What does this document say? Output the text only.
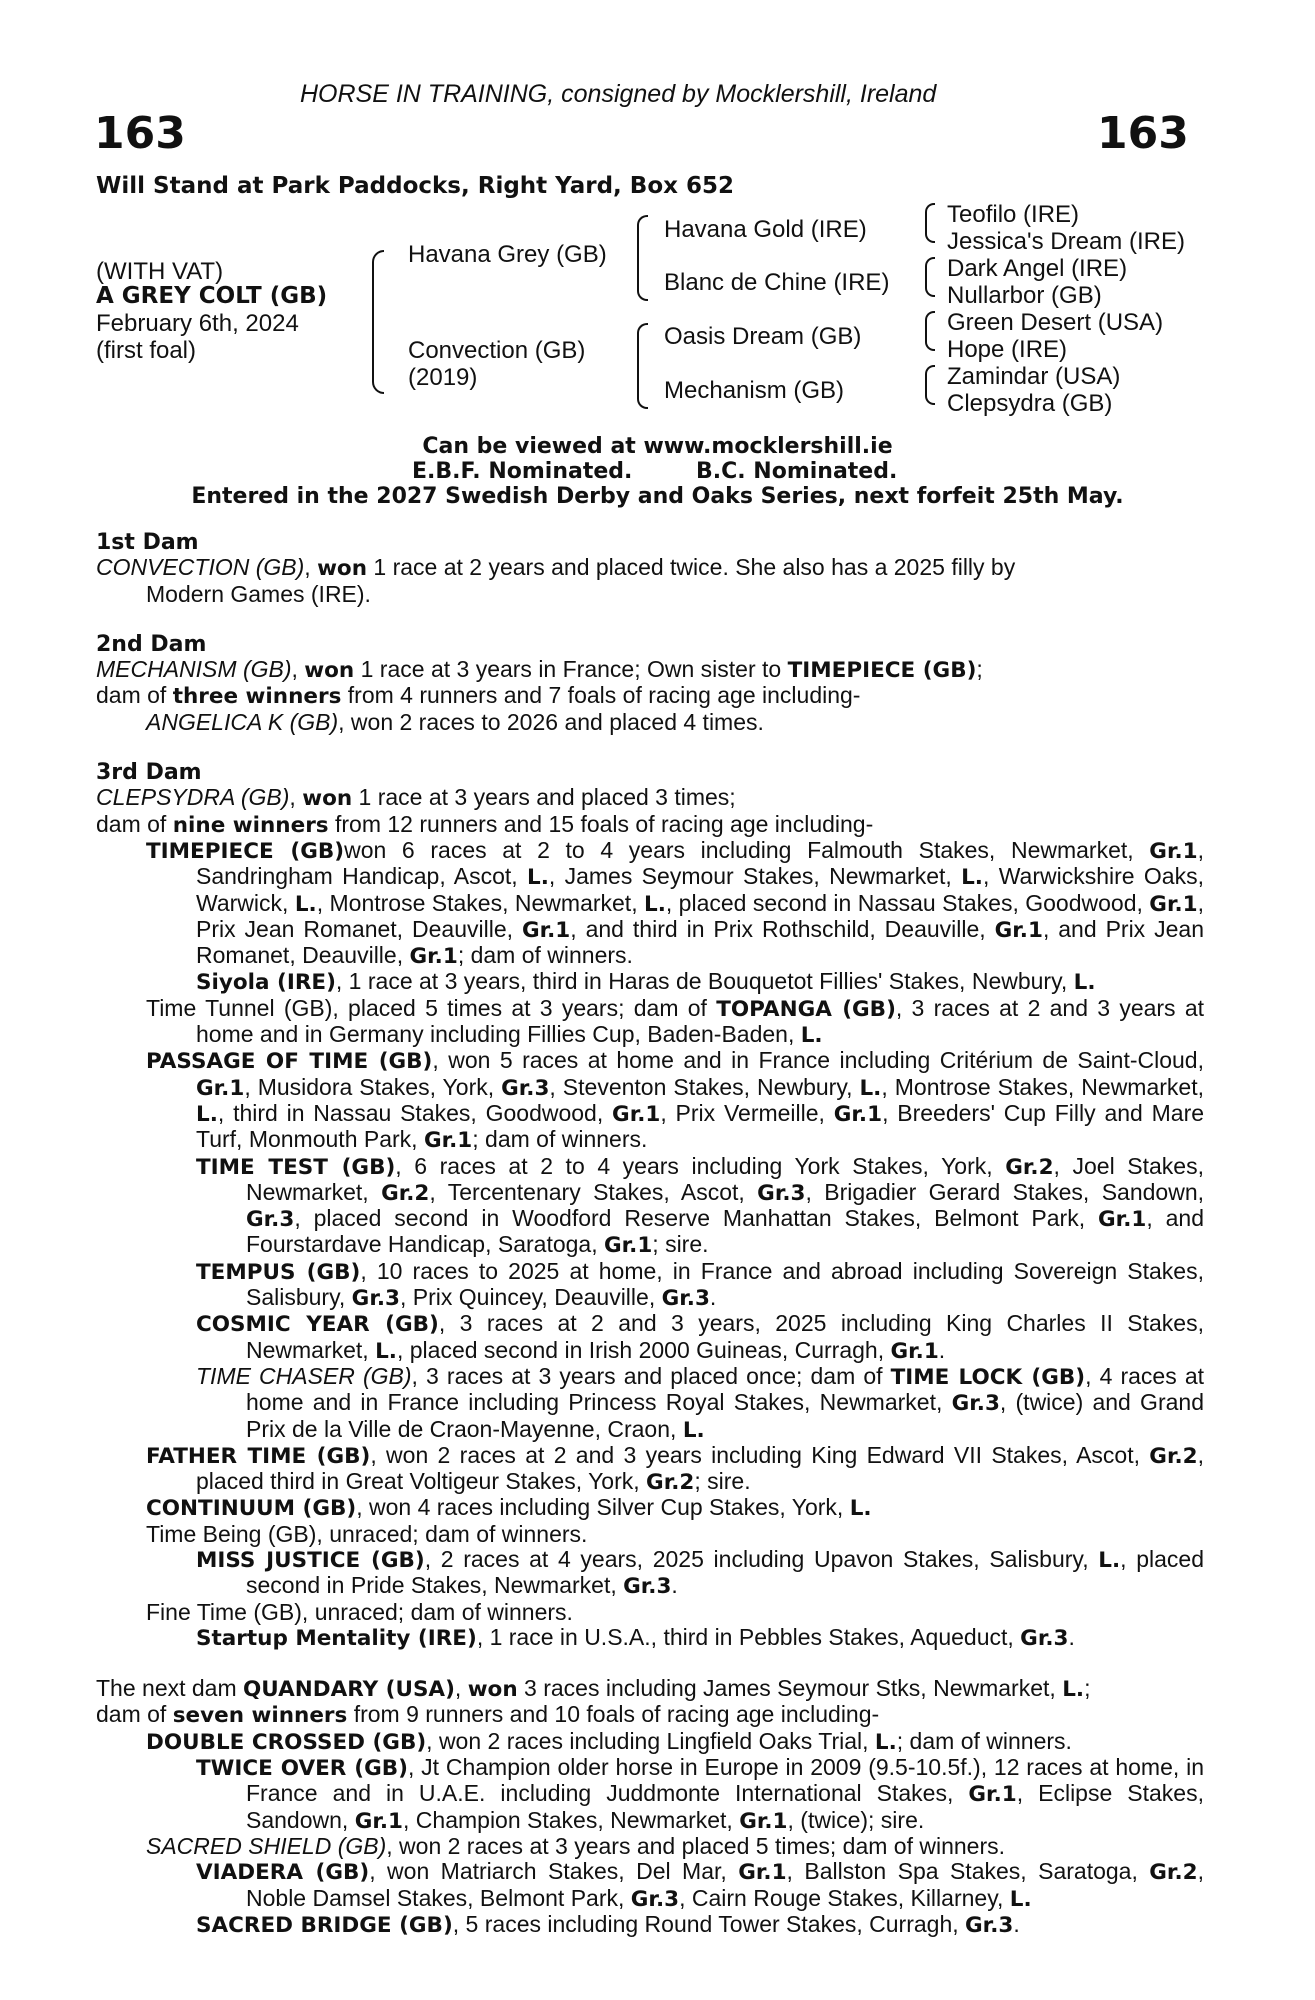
HORSE IN TRAINING, consigned by Mocklershill, Ireland
163	163
Will Stand at Park Paddocks, Right Yard, Box 652
(WITH VAT)
A GREY COLT (GB)
February 6th, 2024
(first foal)
Havana Grey (GB)
Convection (GB)
(2019)
Havana Gold (IRE)
Blanc de Chine (IRE)
Oasis Dream (GB)
Mechanism (GB)
Teofilo (IRE)
Jessica's Dream (IRE)
Dark Angel (IRE)
Nullarbor (GB)
Green Desert (USA)
Hope (IRE)
Zamindar (USA)
Clepsydra (GB)
Can be viewed at www.mocklershill.ie
E.B.F. Nominated.	B.C. Nominated.
Entered in the 2027 Swedish Derby and Oaks Series, next forfeit 25th May.
1st Dam
CONVECTION (GB), won 1 race at 2 years and placed twice. She also has a 2025 filly by
Modern Games (IRE).
2nd Dam
MECHANISM (GB), won 1 race at 3 years in France; Own sister to TIMEPIECE (GB);
dam of three winners from 4 runners and 7 foals of racing age including-
ANGELICA K (GB), won 2 races to 2026 and placed 4 times.
3rd Dam
CLEPSYDRA (GB), won 1 race at 3 years and placed 3 times;
dam of nine winners from 12 runners and 15 foals of racing age including-
TIMEPIECE (GB)won 6 races at 2 to 4 years including Falmouth Stakes, Newmarket, Gr.1, Sandringham Handicap, Ascot, L., James Seymour Stakes, Newmarket, L., Warwickshire Oaks, Warwick, L., Montrose Stakes, Newmarket, L., placed second in Nassau Stakes, Goodwood, Gr.1, Prix Jean Romanet, Deauville, Gr.1, and third in Prix Rothschild, Deauville, Gr.1, and Prix Jean Romanet, Deauville, Gr.1; dam of winners.
Siyola (IRE), 1 race at 3 years, third in Haras de Bouquetot Fillies' Stakes, Newbury, L.
Time Tunnel (GB), placed 5 times at 3 years; dam of TOPANGA (GB), 3 races at 2 and 3 years at home and in Germany including Fillies Cup, Baden-Baden, L.
PASSAGE OF TIME (GB), won 5 races at home and in France including Critérium de Saint-Cloud, Gr.1, Musidora Stakes, York, Gr.3, Steventon Stakes, Newbury, L., Montrose Stakes, Newmarket, L., third in Nassau Stakes, Goodwood, Gr.1, Prix Vermeille, Gr.1, Breeders' Cup Filly and Mare Turf, Monmouth Park, Gr.1; dam of winners.
TIME TEST (GB), 6 races at 2 to 4 years including York Stakes, York, Gr.2, Joel Stakes, Newmarket, Gr.2, Tercentenary Stakes, Ascot, Gr.3, Brigadier Gerard Stakes, Sandown, Gr.3, placed second in Woodford Reserve Manhattan Stakes, Belmont Park, Gr.1, and Fourstardave Handicap, Saratoga, Gr.1; sire.
TEMPUS (GB), 10 races to 2025 at home, in France and abroad including Sovereign Stakes, Salisbury, Gr.3, Prix Quincey, Deauville, Gr.3.
COSMIC YEAR (GB), 3 races at 2 and 3 years, 2025 including King Charles II Stakes, Newmarket, L., placed second in Irish 2000 Guineas, Curragh, Gr.1.
TIME CHASER (GB), 3 races at 3 years and placed once; dam of TIME LOCK (GB), 4 races at home and in France including Princess Royal Stakes, Newmarket, Gr.3, (twice) and Grand Prix de la Ville de Craon-Mayenne, Craon, L.
FATHER TIME (GB), won 2 races at 2 and 3 years including King Edward VII Stakes, Ascot, Gr.2, placed third in Great Voltigeur Stakes, York, Gr.2; sire.
CONTINUUM (GB), won 4 races including Silver Cup Stakes, York, L.
Time Being (GB), unraced; dam of winners.
MISS JUSTICE (GB), 2 races at 4 years, 2025 including Upavon Stakes, Salisbury, L., placed second in Pride Stakes, Newmarket, Gr.3.
Fine Time (GB), unraced; dam of winners.
Startup Mentality (IRE), 1 race in U.S.A., third in Pebbles Stakes, Aqueduct, Gr.3.
The next dam QUANDARY (USA), won 3 races including James Seymour Stks, Newmarket, L.;
dam of seven winners from 9 runners and 10 foals of racing age including-
DOUBLE CROSSED (GB), won 2 races including Lingfield Oaks Trial, L.; dam of winners.
TWICE OVER (GB), Jt Champion older horse in Europe in 2009 (9.5-10.5f.), 12 races at home, in France and in U.A.E. including Juddmonte International Stakes, Gr.1, Eclipse Stakes, Sandown, Gr.1, Champion Stakes, Newmarket, Gr.1, (twice); sire.
SACRED SHIELD (GB), won 2 races at 3 years and placed 5 times; dam of winners.
VIADERA (GB), won Matriarch Stakes, Del Mar, Gr.1, Ballston Spa Stakes, Saratoga, Gr.2, Noble Damsel Stakes, Belmont Park, Gr.3, Cairn Rouge Stakes, Killarney, L.
SACRED BRIDGE (GB), 5 races including Round Tower Stakes, Curragh, Gr.3.
